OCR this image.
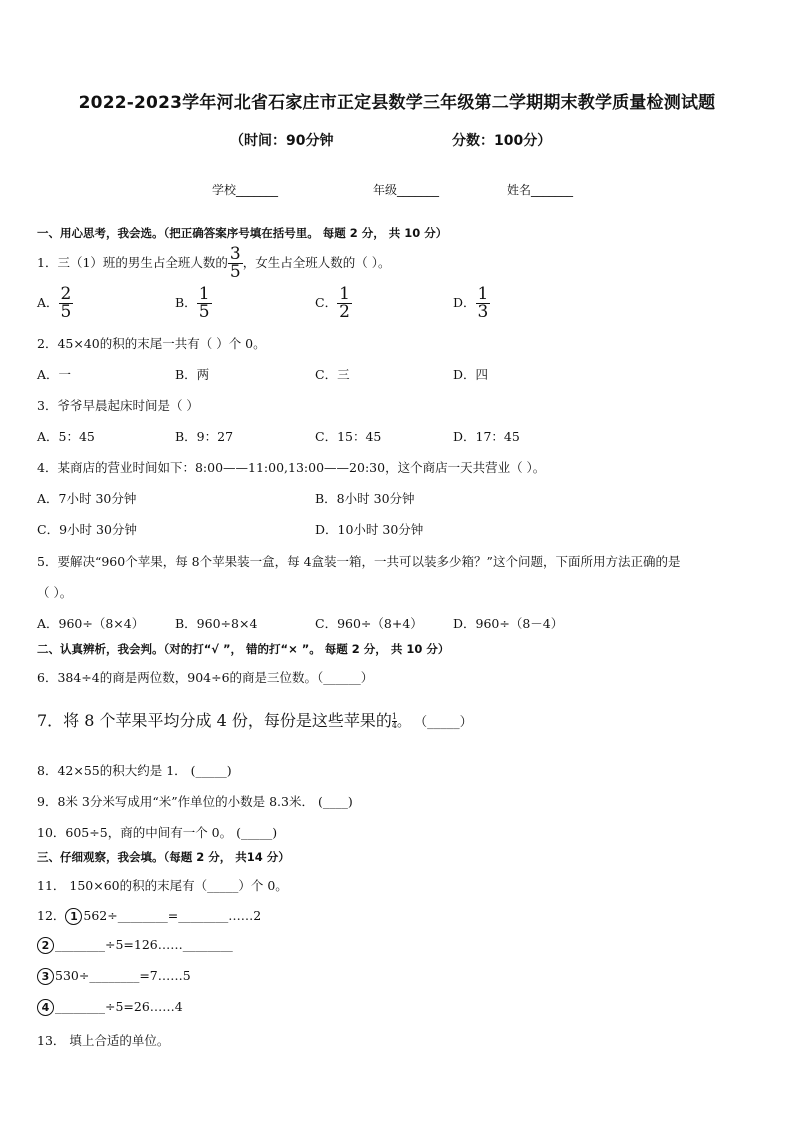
2022-2023学年河北省石家庄市正定县数学三年级第二学期期末教学质量检测试题
（时间：90分钟	分数：100分）
学校_______	年级_______	姓名_______
一、用心思考，我会选。（把正确答案序号填在括号里。 每题 2 分， 共 10 分）
1．三（1）班的男生占全班人数的 $\frac{3}{5}$ ，女生占全班人数的（ ）。
A． $\frac{2}{5}$	B． $\frac{1}{5}$	C． $\frac{1}{2}$	D． $\frac{1}{3}$
2．45×40的积的末尾一共有（ ）个 0。
A．一	B．两	C．三	D．四
3．爷爷早晨起床时间是（ ）
A．5：45	B．9：27	C．15：45	D．17：45
4．某商店的营业时间如下：8:00——11:00,13:00——20:30，这个商店一天共营业（ ）。
A．7小时 30分钟	B．8小时 30分钟
C．9小时 30分钟	D．10小时 30分钟
5．要解决“960个苹果，每 8个苹果装一盒，每 4盒装一箱，一共可以装多少箱？”这个问题，下面所用方法正确的是
（ ）。
A．960÷（8×4） B．960÷8×4	C．960÷（8+4） D．960÷（8－4）
二、认真辨析，我会判。（对的打“√ ”， 错的打“× ”。 每题 2 分， 共 10 分）
6．384÷4的商是两位数，904÷6的商是三位数。（______）
7．将 8 个苹果平均分成 4 份，每份是这些苹果的 $\frac{1}{4}$ 。 （_____）
8．42×55的积大约是 1． (_____)
9．8米 3分米写成用“米”作单位的小数是 8.3米． (____)
10．605÷5，商的中间有一个 0。 (_____)
三、仔细观察，我会填。（每题 2 分， 共14 分）
11． 150×60的积的末尾有（_____）个 0。
12． 1 562÷________=________……2
2 ________÷5=126……________
3 530÷________=7……5
4 ________÷5=26……4
13． 填上合适的单位。
